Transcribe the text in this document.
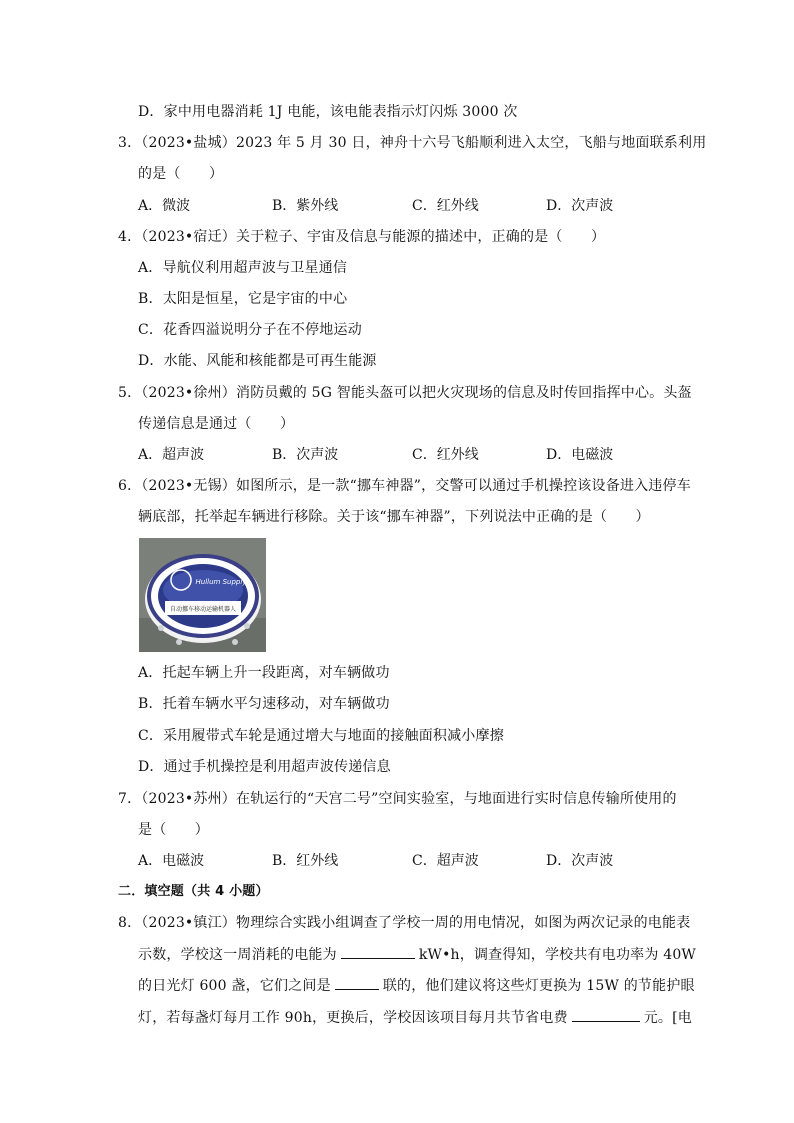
D．家中用电器消耗 1J 电能，该电能表指示灯闪烁 3000 次
3．（2023•盐城）2023 年 5 月 30 日，神舟十六号飞船顺利进入太空，飞船与地面联系利用
的是（　　）
A．微波	B．紫外线	C．红外线	D．次声波
4．（2023•宿迁）关于粒子、宇宙及信息与能源的描述中，正确的是（　　）
A．导航仪利用超声波与卫星通信
B．太阳是恒星，它是宇宙的中心
C．花香四溢说明分子在不停地运动
D．水能、风能和核能都是可再生能源
5．（2023•徐州）消防员戴的 5G 智能头盔可以把火灾现场的信息及时传回指挥中心。头盔
传递信息是通过（　　）
A．超声波	B．次声波	C．红外线	D．电磁波
6．（2023•无锡）如图所示，是一款“挪车神器”，交警可以通过手机操控该设备进入违停车
辆底部，托举起车辆进行移除。关于该“挪车神器”，下列说法中正确的是（　　）
Hullum Supply
自动挪车移动运输机器人
A．托起车辆上升一段距离，对车辆做功
B．托着车辆水平匀速移动，对车辆做功
C．采用履带式车轮是通过增大与地面的接触面积减小摩擦
D．通过手机操控是利用超声波传递信息
7．（2023•苏州）在轨运行的“天宫二号”空间实验室，与地面进行实时信息传输所使用的
是（　　）
A．电磁波	B．红外线	C．超声波	D．次声波
二．填空题（共 4 小题）
8．（2023•镇江）物理综合实践小组调查了学校一周的用电情况，如图为两次记录的电能表
示数，学校这一周消耗的电能为	kW•h，调查得知，学校共有电功率为 40W
的日光灯 600 盏，它们之间是	联的，他们建议将这些灯更换为 15W 的节能护眼
灯，若每盏灯每月工作 90h，更换后，学校因该项目每月共节省电费	元。[电
